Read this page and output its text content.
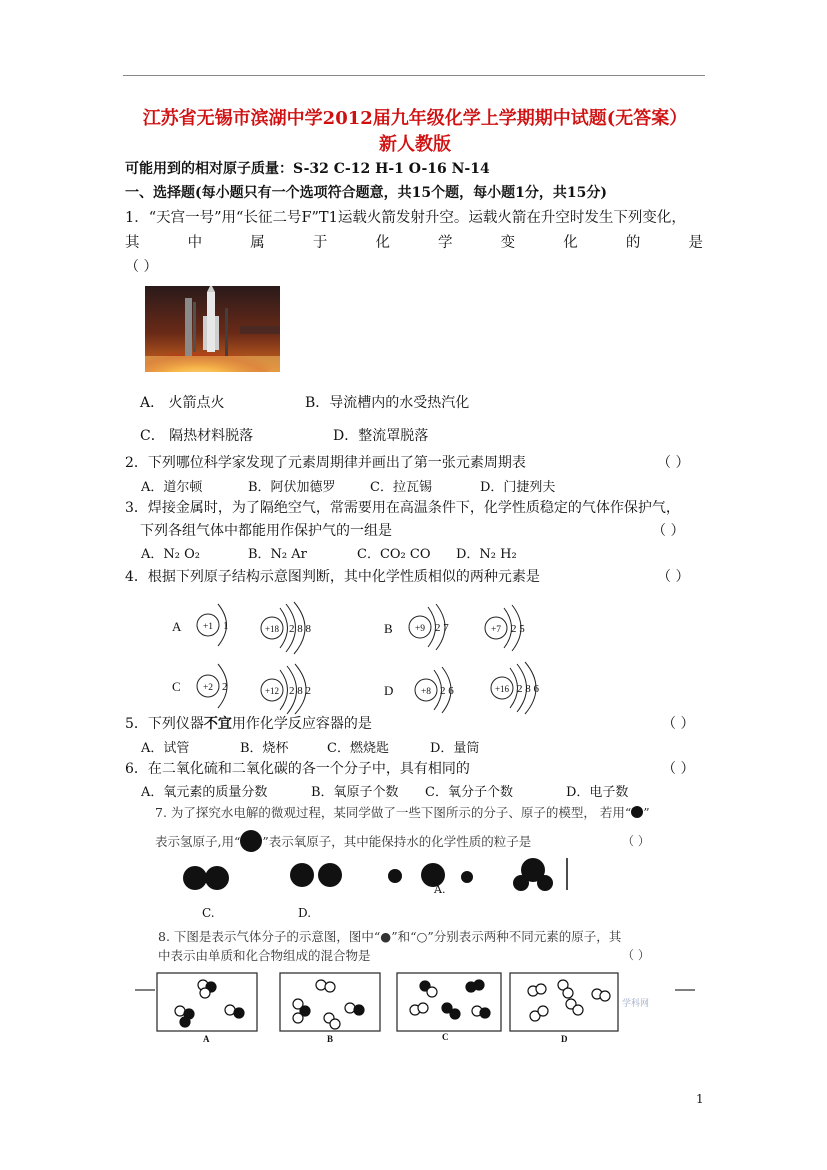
江苏省无锡市滨湖中学2012届九年级化学上学期期中试题(无答案）
新人教版
可能用到的相对原子质量：S-32 C-12 H-1 O-16 N-14
一、选择题(每小题只有一个选项符合题意，共15个题，每小题1分，共15分)
1．“天宫一号”用“长征二号F”T1运载火箭发射升空。运载火箭在升空时发生下列变化，
其	中	属	于	化	学	变	化	的	是
（ ）
A． 火箭点火	B．导流槽内的水受热汽化
C． 隔热材料脱落	D．整流罩脱落
2．下列哪位科学家发现了元素周期律并画出了第一张元素周期表	（ ）
A．道尔顿	B．阿伏加德罗	C．拉瓦锡	D．门捷列夫
3．焊接金属时，为了隔绝空气，常需要用在高温条件下，化学性质稳定的气体作保护气，
下列各组气体中都能用作保护气的一组是	（ ）
A．N₂ O₂	B．N₂ Ar	C．CO₂ CO D．N₂ H₂
4．根据下列原子结构示意图判断，其中化学性质相似的两种元素是	（ ）
A	B
C	D
+1 1	+18 2 8 8	+9 2 7	+7 2 5
+2 2	+12 2 8 2	+8 2 6	+16 2 8 6
5．下列仪器不宜用作化学反应容器的是	（ ）
A．试管	B．烧杯	C．燃烧匙	D．量筒
6．在二氧化硫和二氧化碳的各一个分子中，具有相同的	（ ）
A．氧元素的质量分数	B．氧原子个数 C．氧分子个数	D．电子数
7. 为了探究水电解的微观过程，某同学做了一些下图所示的分子、原子的模型， 若用“ ”
表示氢原子,用“ ”表示氧原子，其中能保持水的化学性质的粒子是	（ ）
A.
C.	D.
8. 下图是表示气体分子的示意图，图中“●”和“○”分别表示两种不同元素的原子，其
中表示由单质和化合物组成的混合物是	（ ）
A	B	C	D
学科网
1
